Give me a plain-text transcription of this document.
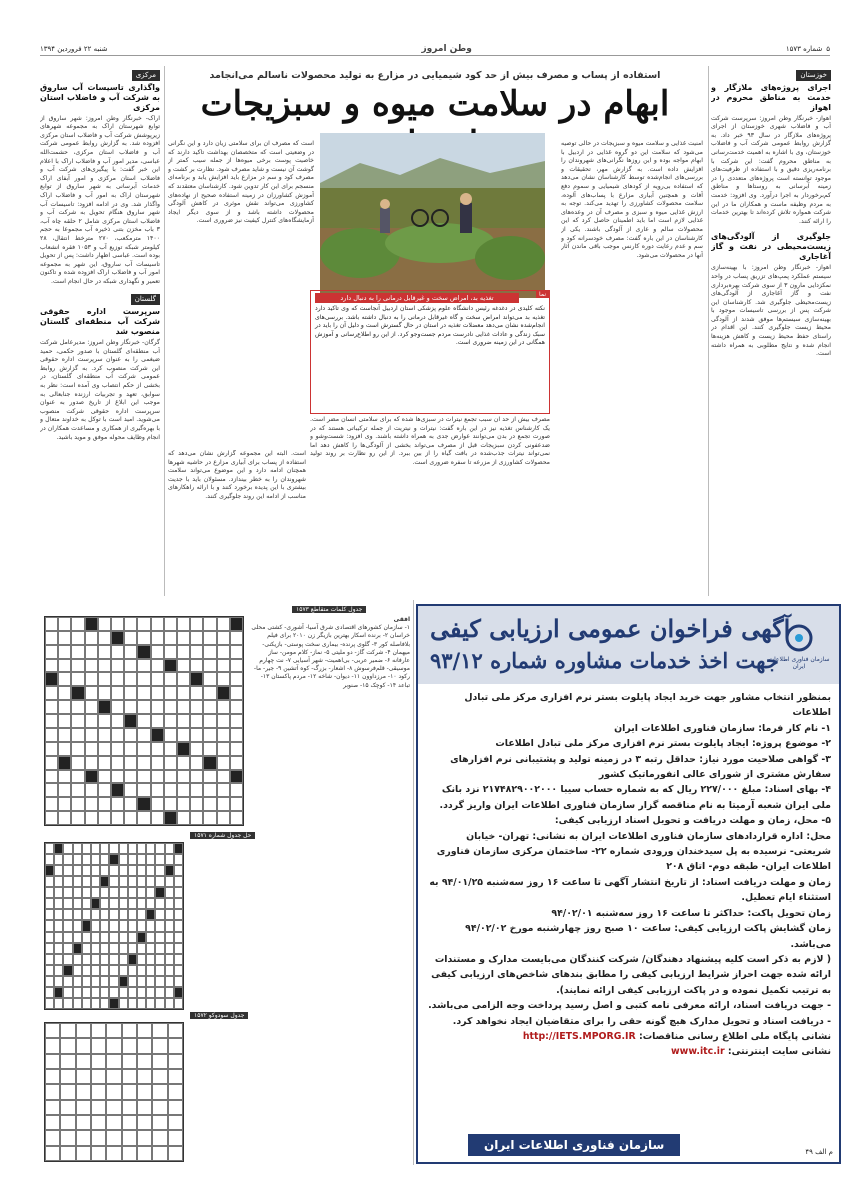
۵
شماره ۱۵۷۳
وطن امروز
شنبه ۲۲ فروردین ۱۳۹۴
خوزستان
اجرای پروژه‌های ملازگار و خدمت به مناطق محروم در اهواز

اهواز- خبرنگار وطن امروز: سرپرست شرکت آب و فاضلاب شهری خوزستان از اجرای پروژه‌های ملازگار در سال ۹۳ خبر داد. به گزارش روابط عمومی شرکت آب و فاضلاب خوزستان، وی با اشاره به اهمیت خدمت‌رسانی به مناطق محروم گفت: این شرکت با برنامه‌ریزی دقیق و با استفاده از ظرفیت‌های موجود توانسته است پروژه‌های متعددی را در زمینه آبرسانی به روستاها و مناطق کم‌برخوردار به اجرا درآورد. وی افزود: خدمت به مردم وظیفه ماست و همکاران ما در این شرکت همواره تلاش کرده‌اند تا بهترین خدمات را ارائه کنند.

جلوگیری از آلودگی‌های زیست‌محیطی در نفت و گاز آغاجاری

اهواز- خبرنگار وطن امروز: با بهینه‌سازی سیستم عملکرد پمپ‌های تزریق پساب در واحد نمکزدایی مارون ۳ از سوی شرکت بهره‌برداری نفت و گاز آغاجاری از آلودگی‌های زیست‌محیطی جلوگیری شد. کارشناسان این شرکت پس از بررسی تاسیسات موجود با بهینه‌سازی سیستم‌ها موفق شدند از آلودگی محیط زیست جلوگیری کنند. این اقدام در راستای حفظ محیط زیست و کاهش هزینه‌ها انجام شده و نتایج مطلوبی به همراه داشته است.

مرکزی
واگذاری تاسیسات آب ساروق به شرکت آب و فاضلاب استان مرکزی

اراک- خبرنگار وطن امروز: شهر ساروق از توابع شهرستان اراک به مجموعه شهرهای زیرپوشش شرکت آب و فاضلاب استان مرکزی افزوده شد. به گزارش روابط عمومی شرکت آب و فاضلاب استان مرکزی، حشمت‌الله عباسی، مدیر امور آب و فاضلاب اراک با اعلام این خبر گفت: با پیگیری‌های شرکت آب و فاضلاب استان مرکزی و امور آبفای اراک خدمات آبرسانی به شهر ساروق از توابع شهرستان اراک به امور آب و فاضلاب اراک واگذار شد. وی در ادامه افزود: تاسیسات آب شهر ساروق هنگام تحویل به شرکت آب و فاضلاب استان مرکزی شامل ۲ حلقه چاه آب، ۳ باب مخزن بتنی ذخیره آب مجموعا به حجم ۱۴۰۰ مترمکعب، ۲۷۰ مترخط انتقال، ۲۸ کیلومتر شبکه توزیع آب و ۱۰۵۳ فقره انشعاب بوده است. عباسی اظهار داشت: پس از تحویل تاسیسات آب ساروق، این شهر به مجموعه امور آب و فاضلاب اراک افزوده شده و تاکنون تعمیر و نگهداری شبکه در حال انجام است.

گلستان
سرپرست اداره حقوقی شرکت آب منطقه‌ای گلستان منصوب شد

گرگان- خبرنگار وطن امروز: مدیرعامل شرکت آب منطقه‌ای گلستان با صدور حکمی، حمید ضیغمی را به عنوان سرپرست اداره حقوقی این شرکت منصوب کرد. به گزارش روابط عمومی شرکت آب منطقه‌ای گلستان، در بخشی از حکم انتصاب وی آمده است: نظر به سوابق، تعهد و تجربیات ارزنده جنابعالی به موجب این ابلاغ از تاریخ صدور به عنوان سرپرست اداره حقوقی شرکت منصوب می‌شوید. امید است با توکل به خداوند متعال و با بهره‌گیری از همکاری و مساعدت همکاران در انجام وظایف محوله موفق و موید باشید.

استفاده از پساب و مصرف بیش از حد کود شیمیایی در مزارع به تولید محصولات ناسالم می‌انجامد
ابهام در سلامت میوه و سبزیجات
امنیت غذایی و سلامت میوه و سبزیجات در حالی توصیه می‌شود که سلامت این دو گروه غذایی در اردبیل با ابهام مواجه بوده و این روزها نگرانی‌های شهروندان را افزایش داده است. به گزارش مهر، تحقیقات و بررسی‌های انجام‌شده توسط کارشناسان نشان می‌دهد که استفاده بی‌رویه از کودهای شیمیایی و سموم دفع آفات و همچنین آبیاری مزارع با پساب‌های آلوده، سلامت محصولات کشاورزی را تهدید می‌کند. توجه به ارزش غذایی میوه و سبزی و مصرف آن در وعده‌های غذایی لازم است اما باید اطمینان حاصل کرد که این محصولات سالم و عاری از آلودگی باشند. یکی از کارشناسان در این باره گفت: مصرف خودسرانه کود و سم و عدم رعایت دوره کارنس موجب باقی ماندن آثار آنها در محصولات می‌شود.
است که مصرف آن برای سلامتی زیان دارد و این نگرانی در وضعیتی است که متخصصان بهداشت تاکید دارند که خاصیت پوست برخی میوه‌ها از جمله سیب کمتر از گوشت آن نیست و شاید مصرف شود. نظارت بر کشت و مصرف کود و سم در مزارع باید افزایش یابد و برنامه‌ای منسجم برای این کار تدوین شود. کارشناسان معتقدند که آموزش کشاورزان در زمینه استفاده صحیح از نهاده‌های کشاورزی می‌تواند نقش موثری در کاهش آلودگی محصولات داشته باشد و از سوی دیگر ایجاد آزمایشگاه‌های کنترل کیفیت نیز ضروری است.
مصرف بیش از حد آن سبب تجمع نیترات در سبزی‌ها شده که برای سلامتی انسان مضر است. یک کارشناس تغذیه نیز در این باره گفت: نیترات و نیتریت از جمله ترکیباتی هستند که در صورت تجمع در بدن می‌توانند عوارض جدی به همراه داشته باشند. وی افزود: شست‌وشو و ضدعفونی کردن سبزیجات قبل از مصرف می‌تواند بخشی از آلودگی‌ها را کاهش دهد اما نمی‌تواند نیترات جذب‌شده در بافت گیاه را از بین ببرد. از این رو نظارت بر روند تولید محصولات کشاورزی از مزرعه تا سفره ضروری است.
است. البته این مجموعه گزارش نشان می‌دهد که استفاده از پساب برای آبیاری مزارع در حاشیه شهرها همچنان ادامه دارد و این موضوع می‌تواند سلامت شهروندان را به خطر بیندازد. مسئولان باید با جدیت بیشتری با این پدیده برخورد کنند و با ارائه راهکارهای مناسب از ادامه این روند جلوگیری کنند.
نما
تغذیه بد، امراض سخت و غیرقابل درمانی را به دنبال دارد
نکته کلیدی در دغدغه رئیس دانشگاه علوم پزشکی استان اردبیل آنجاست که وی تاکید دارد تغذیه بد می‌تواند امراض سخت و گاه غیرقابل درمانی را به دنبال داشته باشد. بررسی‌های انجام‌شده نشان می‌دهد معضلات تغذیه در استان در حال گسترش است و دلیل آن را باید در سبک زندگی و عادات غذایی نادرست مردم جست‌وجو کرد. از این رو اطلاع‌رسانی و آموزش همگانی در این زمینه ضروری است.
سازمان فناوری اطلاعات ایران
آگهی فراخوان عمومی ارزیابی کیفی
جهت اخذ خدمات مشاوره شماره ۹۳/۱۲
بمنظور انتخاب مشاور جهت خرید ایجاد پایلوت بستر نرم افزاری مرکز ملی تبادل اطلاعات
۱- نام کار فرما: سازمان فناوری اطلاعات ایران
۲- موضوع پروژه: ایجاد پایلوت بستر نرم افزاری مرکز ملی تبادل اطلاعات
۳- گواهی صلاحیت مورد نیاز: حداقل رتبه ۳ در زمینه تولید و پشتیبانی نرم افزارهای سفارش مشتری از شورای عالی انفورماتیک کشور
۴- بهای اسناد: مبلغ ۲۲۷/۰۰۰ ریال که به شماره حساب سیبا ۲۱۷۴۸۲۹۰۰۲۰۰۰ نزد بانک ملی ایران شعبه آرمیتا به نام مناقصه گزار سازمان فناوری اطلاعات ایران واریز گردد.
۵- محل، زمان و مهلت دریافت و تحویل اسناد ارزیابی کیفی:
محل: اداره قراردادهای سازمان فناوری اطلاعات ایران به نشانی: تهران- خیابان شریعتی- نرسیده به پل سیدخندان ورودی شماره ۲۲- ساختمان مرکزی سازمان فناوری اطلاعات ایران- طبقه دوم- اتاق ۲۰۸
زمان و مهلت دریافت اسناد: از تاریخ انتشار آگهی تا ساعت ۱۶ روز سه‌شنبه ۹۴/۰۱/۲۵ به استثناء ایام تعطیل.
زمان تحویل پاکت: حداکثر تا ساعت ۱۶ روز سه‌شنبه ۹۴/۰۲/۰۱
زمان گشایش پاکت ارزیابی کیفی: ساعت ۱۰ صبح روز چهارشنبه مورخ ۹۴/۰۲/۰۲ می‌باشد.
( لازم به ذکر است کلیه پیشنهاد دهندگان/ شرکت کنندگان می‌بایست مدارک و مستندات ارائه شده جهت احراز شرایط ارزیابی کیفی را مطابق بندهای شاخص‌های ارزیابی کیفی به ترتیب تکمیل نموده و در پاکت ارزیابی کیفی ارائه نمایند).
- جهت دریافت اسناد، ارائه معرفی نامه کتبی و اصل رسید پرداخت وجه الزامی می‌باشد.
- دریافت اسناد و تحویل مدارک هیچ گونه حقی را برای متقاضیان ایجاد نخواهد کرد.
نشانی پایگاه ملی اطلاع رسانی مناقصات: http://IETS.MPORG.IR
نشانی سایت اینترنتی: www.itc.ir
سازمان فناوری اطلاعات ایران	م الف ۴۹
جدول کلمات متقاطع ۱۵۷۳
افقی
۱- سازمان کشورهای اقتصادی شرق آسیا- آشوری- کشتی محلی خراسان ۲- برنده اسکار بهترین بازیگر زن ۲۰۱۰ برای فیلم بلافاصله کور ۳- گلوی پرنده- بیماری سخت پوستی- بازیکنی- میهمان ۴- شرکت گاز- دو ملیتی ۵- نماز- کلام مومن- ساز عارفانه ۶- ضمیر عربی- بی‌اهمیت- شهر آسیایی ۷- نت چهارم موسیقی- قلم‌فرسوش ۸- اشعار- بزرگ- کوه آتشین ۹- جیر- ما- رکود ۱۰- مرزداوون ۱۱- دیوان- شاخه ۱۲- مردم پاکستان ۱۳- تباعد ۱۴- کوچک ۱۵- صنوبر
حل جدول شماره ۱۵۷۱
جدول سودوکو ۱۵۷۲
